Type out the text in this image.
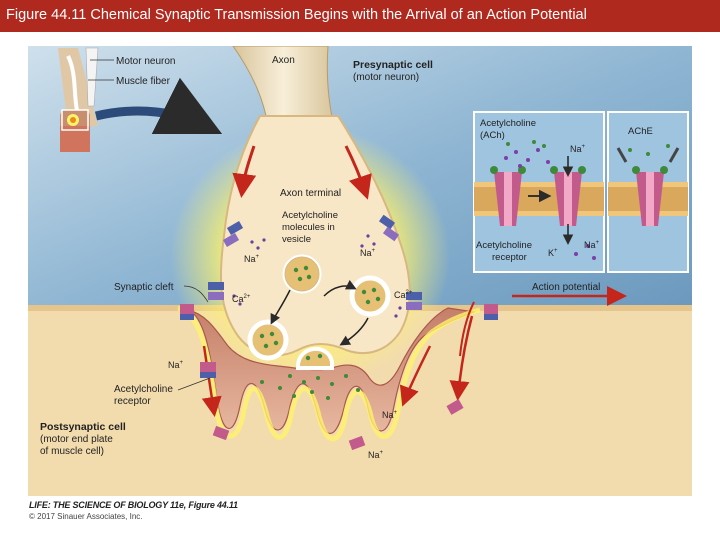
Figure 44.11 Chemical Synaptic Transmission Begins with the Arrival of an Action Potential
Motor neuron
Muscle fiber
Axon
Action potential
Acetylcholine
(ACh)	AChE
Acetylcholine
receptor
Na+
Na+
K+
Presynaptic cell
(motor neuron)
Axon terminal
Acetylcholine
molecules in
vesicle
Synaptic cleft
Na+	Na+
$Ca^{2+}$	$Ca^{2+}$
Na+
Na+
Na+
Acetylcholine
receptor
Postsynaptic cell
(motor end plate
of muscle cell)
LIFE: THE SCIENCE OF BIOLOGY 11e, Figure 44.11
© 2017 Sinauer Associates, Inc.
